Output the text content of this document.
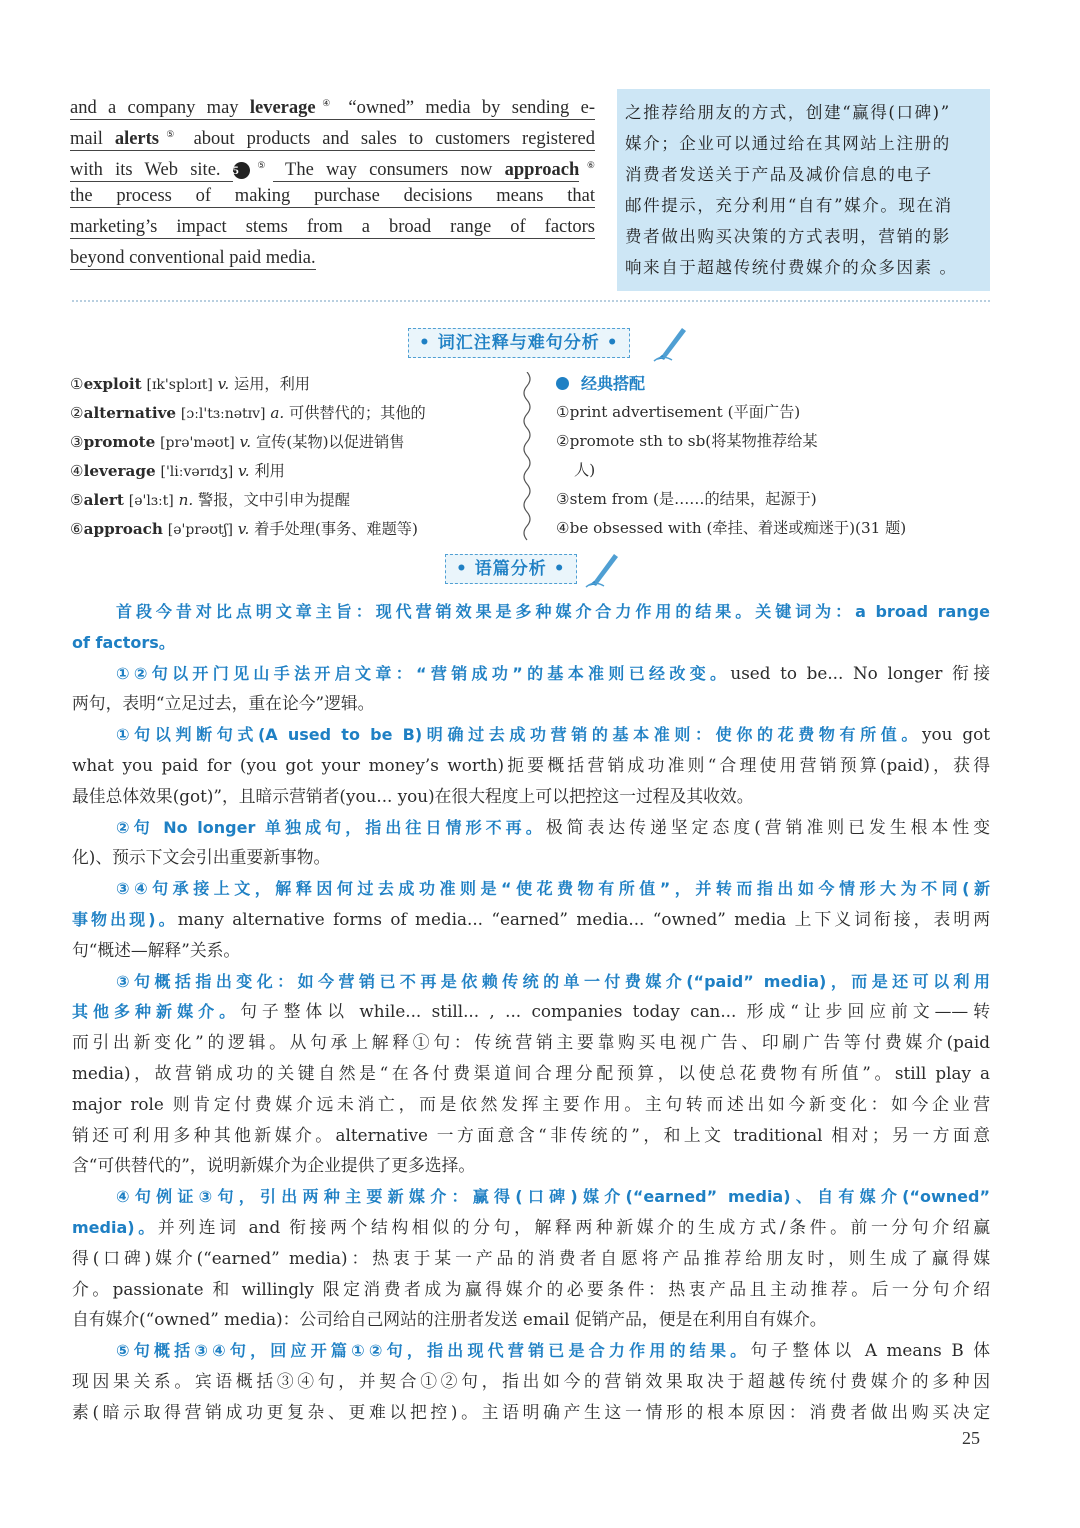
and a company may leverage④ “owned” media by sending e-
mail alerts⑤ about products and sales to customers registered
with its Web site. 5 ⑤ The way consumers now approach⑥
the process of making purchase decisions means that
marketing’s impact stems from a broad range of factors
beyond conventional paid media.
之推荐给朋友的方式，创建“赢得(口碑)”
媒介；企业可以通过给在其网站上注册的
消费者发送关于产品及减价信息的电子
邮件提示，充分利用“自有”媒介。现在消
费者做出购买决策的方式表明，营销的影
响来自于超越传统付费媒介的众多因素 。
• 词汇注释与难句分析 •
①exploit [ɪk'splɔɪt] v. 运用，利用
②alternative [ɔːl'tɜːnətɪv] a. 可供替代的；其他的
③promote [prə'məʊt] v. 宣传(某物)以促进销售
④leverage ['liːvərɪdʒ] v. 利用
⑤alert [ə'lɜːt] n. 警报，文中引申为提醒
⑥approach [ə'prəʊtʃ] v. 着手处理(事务、难题等)
经典搭配
①print advertisement (平面广告)
②promote sth to sb(将某物推荐给某
人)
③stem from (是……的结果，起源于)
④be obsessed with (牵挂、着迷或痴迷于)(31 题)
• 语篇分析 •
首段今昔对比点明文章主旨：现代营销效果是多种媒介合力作用的结果。关键词为：a broad range
of factors。
①②句以开门见山手法开启文章：“营销成功”的基本准则已经改变。used to be... No longer 衔接
两句，表明“立足过去，重在论今”逻辑。
①句以判断句式(A used to be B)明确过去成功营销的基本准则：使你的花费物有所值。you got
what you paid for (you got your money’s worth)扼要概括营销成功准则“合理使用营销预算(paid)，获得
最佳总体效果(got)”，且暗示营销者(you... you)在很大程度上可以把控这一过程及其收效。
②句 No longer 单独成句，指出往日情形不再。极简表达传递坚定态度(营销准则已发生根本性变
化)、预示下文会引出重要新事物。
③④句承接上文，解释因何过去成功准则是“使花费物有所值”，并转而指出如今情形大为不同(新
事物出现)。many alternative forms of media... “earned” media... “owned” media 上下义词衔接，表明两
句“概述—解释”关系。
③句概括指出变化：如今营销已不再是依赖传统的单一付费媒介(“paid” media)，而是还可以利用
其他多种新媒介。句子整体以 while... still... , ... companies today can... 形成“让步回应前文——转
而引出新变化”的逻辑。从句承上解释①句：传统营销主要靠购买电视广告、印刷广告等付费媒介(paid
media)，故营销成功的关键自然是“在各付费渠道间合理分配预算，以使总花费物有所值”。still play a
major role 则肯定付费媒介远未消亡，而是依然发挥主要作用。主句转而述出如今新变化：如今企业营
销还可利用多种其他新媒介。alternative 一方面意含“非传统的”，和上文 traditional 相对；另一方面意
含“可供替代的”，说明新媒介为企业提供了更多选择。
④句例证③句，引出两种主要新媒介：赢得(口碑)媒介(“earned” media)、自有媒介(“owned”
media)。并列连词 and 衔接两个结构相似的分句，解释两种新媒介的生成方式/条件。前一分句介绍赢
得(口碑)媒介(“earned” media)：热衷于某一产品的消费者自愿将产品推荐给朋友时，则生成了赢得媒
介。passionate 和 willingly 限定消费者成为赢得媒介的必要条件：热衷产品且主动推荐。后一分句介绍
自有媒介(“owned” media)：公司给自己网站的注册者发送 email 促销产品，便是在利用自有媒介。
⑤句概括③④句，回应开篇①②句，指出现代营销已是合力作用的结果。句子整体以 A means B 体
现因果关系。宾语概括③④句，并契合①②句，指出如今的营销效果取决于超越传统付费媒介的多种因
素(暗示取得营销成功更复杂、更难以把控)。主语明确产生这一情形的根本原因：消费者做出购买决定
25
